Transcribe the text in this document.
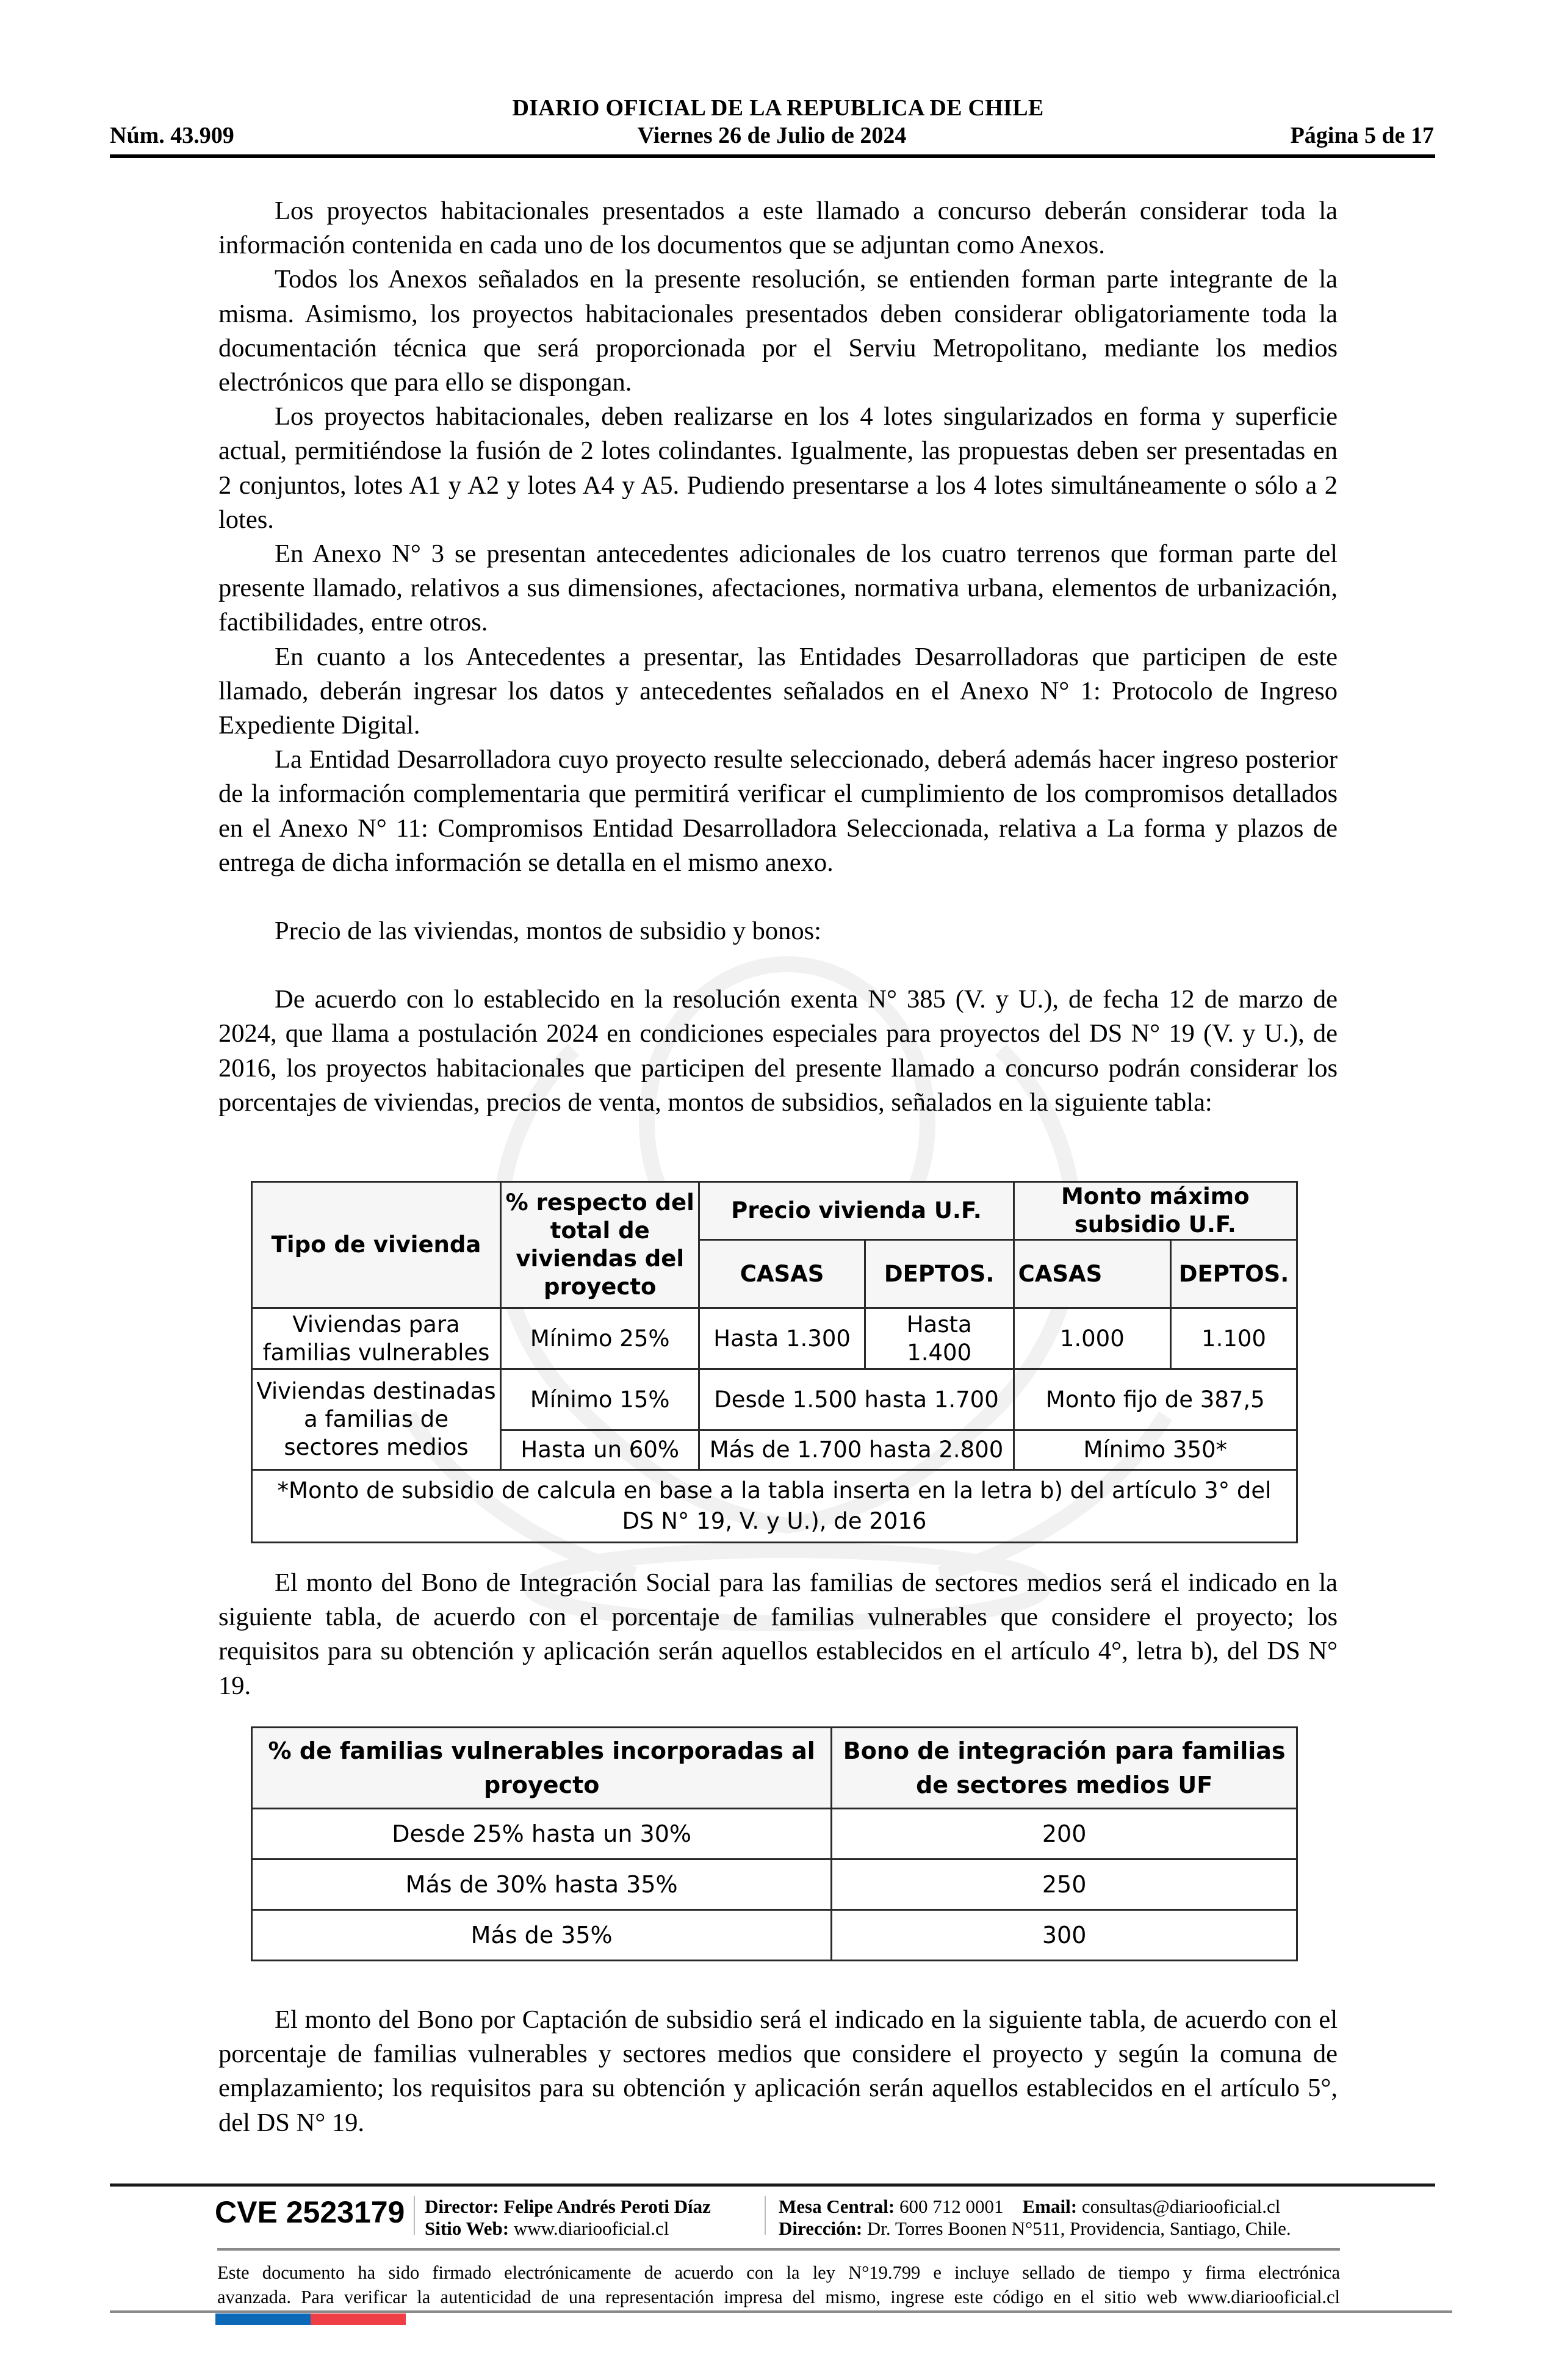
DIARIO OFICIAL DE LA REPUBLICA DE CHILE
Núm. 43.909	Viernes 26 de Julio de 2024	Página 5 de 17

Los proyectos habitacionales presentados a este llamado a concurso deberán considerar toda la información contenida en cada uno de los documentos que se adjuntan como Anexos.

Todos los Anexos señalados en la presente resolución, se entienden forman parte integrante de la misma. Asimismo, los proyectos habitacionales presentados deben considerar obligatoriamente toda la documentación técnica que será proporcionada por el Serviu Metropolitano, mediante los medios electrónicos que para ello se dispongan.

Los proyectos habitacionales, deben realizarse en los 4 lotes singularizados en forma y superficie actual, permitiéndose la fusión de 2 lotes colindantes. Igualmente, las propuestas deben ser presentadas en 2 conjuntos, lotes A1 y A2 y lotes A4 y A5. Pudiendo presentarse a los 4 lotes simultáneamente o sólo a 2 lotes.

En Anexo N° 3 se presentan antecedentes adicionales de los cuatro terrenos que forman parte del presente llamado, relativos a sus dimensiones, afectaciones, normativa urbana, elementos de urbanización, factibilidades, entre otros.

En cuanto a los Antecedentes a presentar, las Entidades Desarrolladoras que participen de este llamado, deberán ingresar los datos y antecedentes señalados en el Anexo N° 1: Protocolo de Ingreso Expediente Digital.

La Entidad Desarrolladora cuyo proyecto resulte seleccionado, deberá además hacer ingreso posterior de la información complementaria que permitirá verificar el cumplimiento de los compromisos detallados en el Anexo N° 11: Compromisos Entidad Desarrolladora Seleccionada, relativa a La forma y plazos de entrega de dicha información se detalla en el mismo anexo.

Precio de las viviendas, montos de subsidio y bonos:

De acuerdo con lo establecido en la resolución exenta N° 385 (V. y U.), de fecha 12 de marzo de 2024, que llama a postulación 2024 en condiciones especiales para proyectos del DS N° 19 (V. y U.), de 2016, los proyectos habitacionales que participen del presente llamado a concurso podrán considerar los porcentajes de viviendas, precios de venta, montos de subsidios, señalados en la siguiente tabla:

Tipo de vivienda	% respecto del total de viviendas del proyecto	Precio vivienda U.F.		Monto máximo subsidio U.F.	
		CASAS	DEPTOS.	CASAS	DEPTOS.
Viviendas para familias vulnerables	Mínimo 25%	Hasta 1.300	Hasta 1.400	1.000	1.100
Viviendas destinadas a familias de sectores medios	Mínimo 15%	Desde 1.500 hasta 1.700		Monto fijo de 387,5	
	Hasta un 60%	Más de 1.700 hasta 2.800		Mínimo 350*	
*Monto de subsidio de calcula en base a la tabla inserta en la letra b) del artículo 3° del DS N° 19, V. y U.), de 2016					

El monto del Bono de Integración Social para las familias de sectores medios será el indicado en la siguiente tabla, de acuerdo con el porcentaje de familias vulnerables que considere el proyecto; los requisitos para su obtención y aplicación serán aquellos establecidos en el artículo 4°, letra b), del DS N° 19.

% de familias vulnerables incorporadas al proyecto	Bono de integración para familias de sectores medios UF
Desde 25% hasta un 30%	200
Más de 30% hasta 35%	250
Más de 35%	300

El monto del Bono por Captación de subsidio será el indicado en la siguiente tabla, de acuerdo con el porcentaje de familias vulnerables y sectores medios que considere el proyecto y según la comuna de emplazamiento; los requisitos para su obtención y aplicación serán aquellos establecidos en el artículo 5°, del DS N° 19.

CVE 2523179 Director: Felipe Andrés Peroti Díaz
Sitio Web: www.diariooficial.cl
Mesa Central: 600 712 0001 Email: consultas@diariooficial.cl
Dirección: Dr. Torres Boonen N°511, Providencia, Santiago, Chile.
Este documento ha sido firmado electrónicamente de acuerdo con la ley N°19.799 e incluye sellado de tiempo y firma electrónica
avanzada. Para verificar la autenticidad de una representación impresa del mismo, ingrese este código en el sitio web www.diariooficial.cl
